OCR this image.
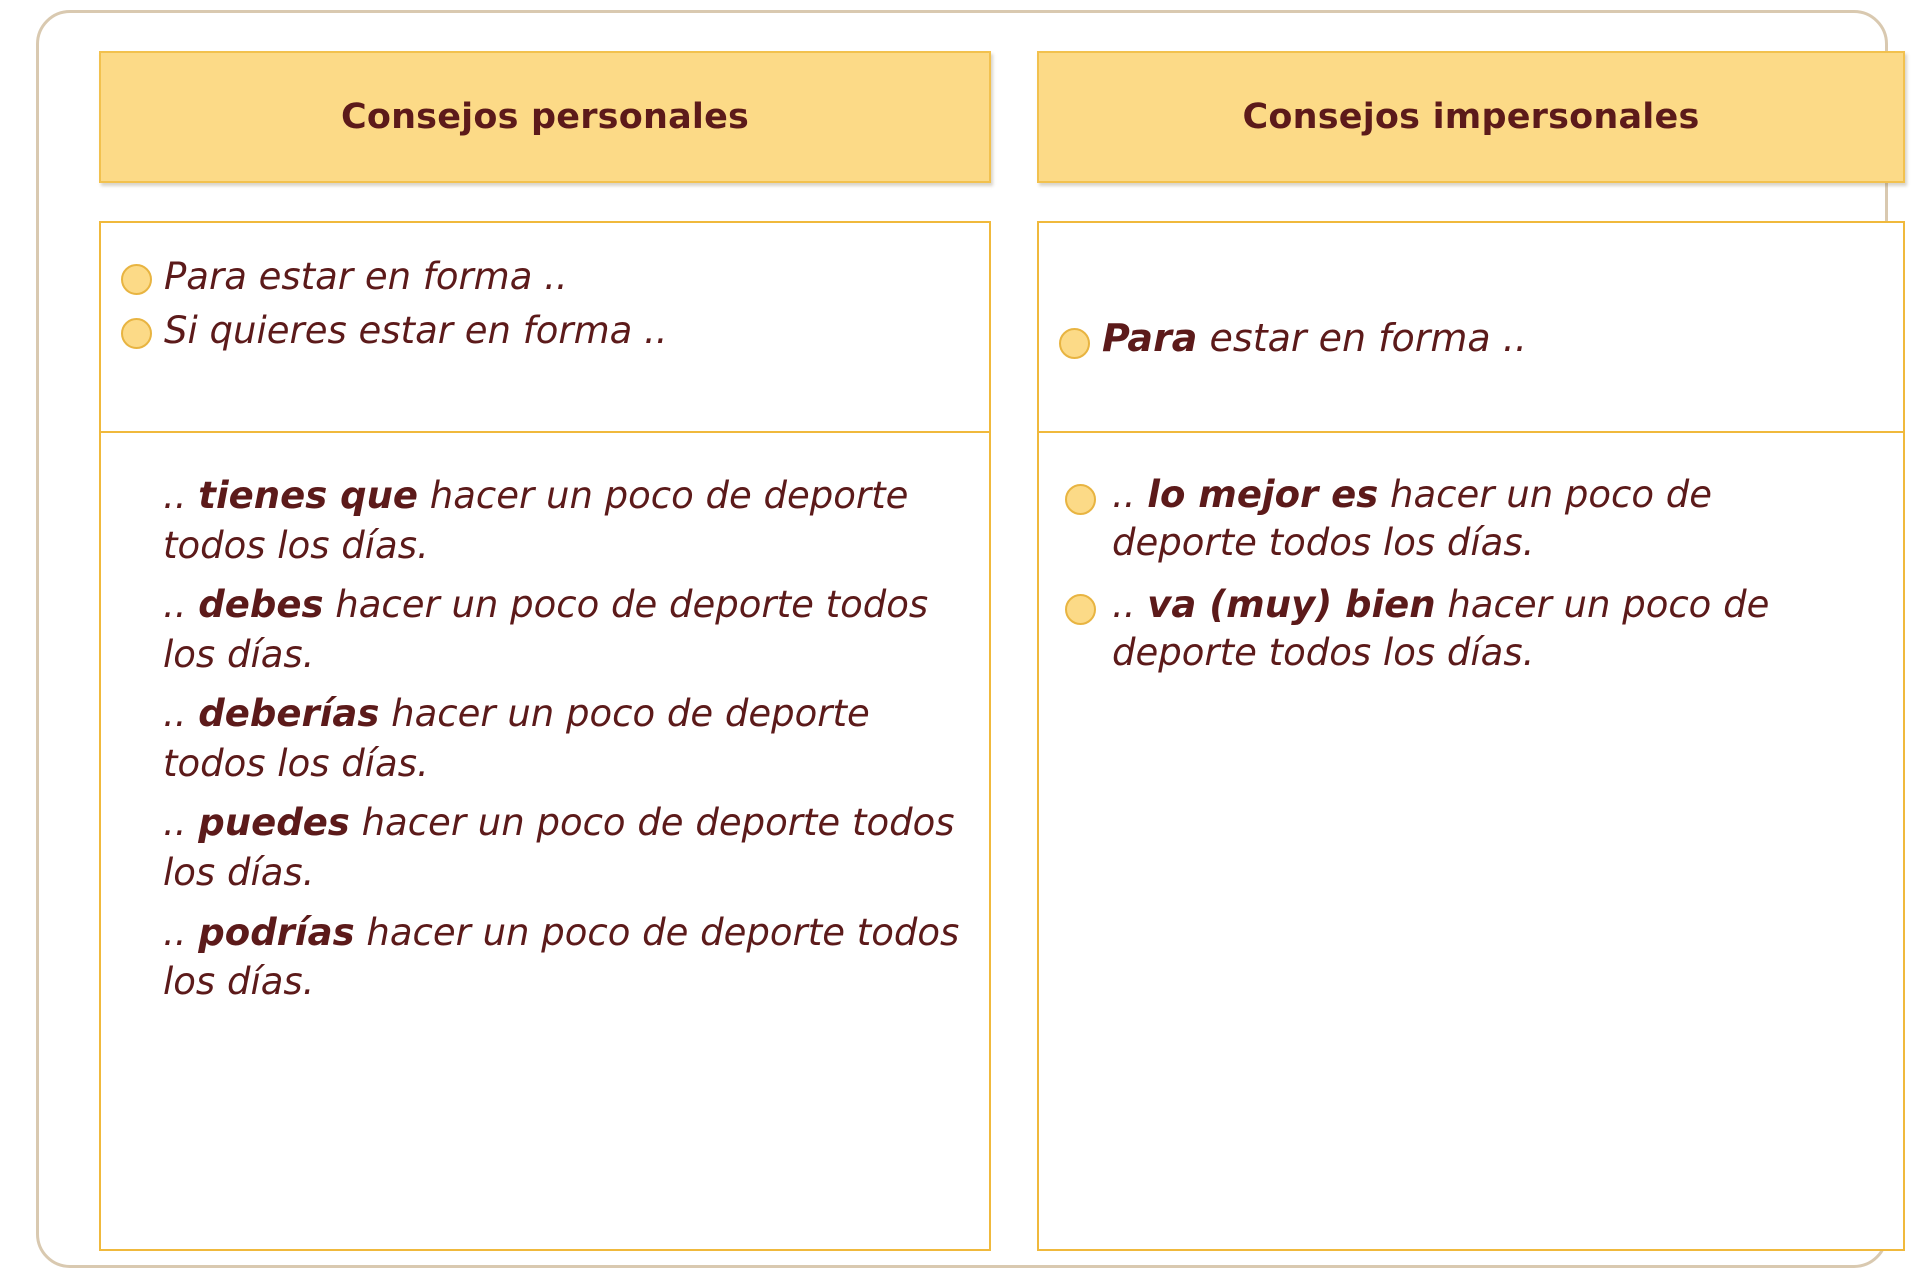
Consejos personales
Para estar en forma ..
Si quieres estar en forma ..
.. tienes que hacer un poco de deporte todos los días.
.. debes hacer un poco de deporte todos los días.
.. deberías hacer un poco de deporte todos los días.
.. puedes hacer un poco de deporte todos los días.
.. podrías hacer un poco de deporte todos los días.
Consejos impersonales
Para estar en forma ..
.. lo mejor es hacer un poco de deporte todos los días.
.. va (muy) bien hacer un poco de deporte todos los días.
